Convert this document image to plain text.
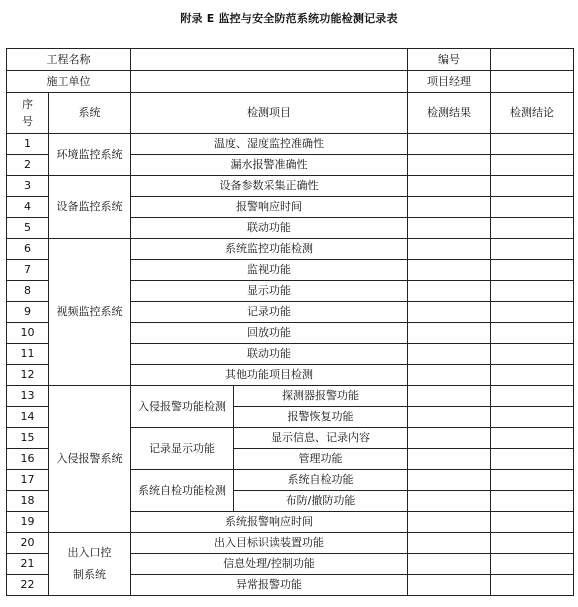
附录 E 监控与安全防范系统功能检测记录表
工程名称				编号	
施工单位				项目经理	
序号	系统	检测项目		检测结果	检测结论
1	环境监控系统	温度、湿度监控准确性			
2		漏水报警准确性			
3	设备监控系统	设备参数采集正确性			
4		报警响应时间			
5		联动功能			
6	视频监控系统	系统监控功能检测			
7		监视功能			
8		显示功能			
9		记录功能			
10		回放功能			
11		联动功能			
12		其他功能项目检测			
13	入侵报警系统	入侵报警功能检测	探测器报警功能		
14			报警恢复功能		
15		记录显示功能	显示信息、记录内容		
16			管理功能		
17		系统自检功能检测	系统自检功能		
18			布防/撤防功能		
19		系统报警响应时间			
20	出入口控制系统	出入目标识读装置功能			
21		信息处理/控制功能			
22		异常报警功能			
